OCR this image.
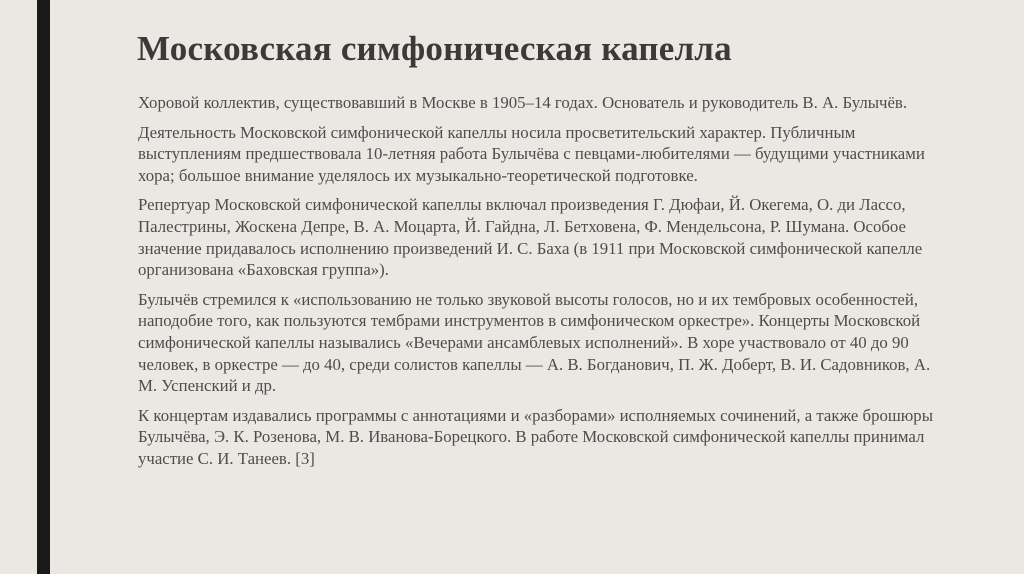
Московская симфоническая капелла

Хоровой коллектив, существовавший в Москве в 1905–14 годах. Основатель и руководитель В. А. Булычёв.

Деятельность Московской симфонической капеллы носила просветительский характер. Публичным выступлениям предшествовала 10-летняя работа Булычёва с певцами-любителями — будущими участниками хора; большое внимание уделялось их музыкально-теоретической подготовке.

Репертуар Московской симфонической капеллы включал произведения Г. Дюфаи, Й. Окегема, О. ди Лассо, Палестрины, Жоскена Депре, В. А. Моцарта, Й. Гайдна, Л. Бетховена, Ф. Мендельсона, Р. Шумана. Особое значение придавалось исполнению произведений И. С. Баха (в 1911 при Московской симфонической капелле организована «Баховская группа»).

Булычёв стремился к «использованию не только звуковой высоты голосов, но и их тембровых особенностей, наподобие того, как пользуются тембрами инструментов в симфоническом оркестре». Концерты Московской симфонической капеллы назывались «Вечерами ансамблевых исполнений». В хоре участвовало от 40 до 90 человек, в оркестре — до 40, среди солистов капеллы — А. В. Богданович, П. Ж. Доберт, В. И. Садовников, А. М. Успенский и др.

К концертам издавались программы с аннотациями и «разборами» исполняемых сочинений, а также брошюры Булычёва, Э. К. Розенова, М. В. Иванова-Борецкого. В работе Московской симфонической капеллы принимал участие С. И. Танеев. [3]
